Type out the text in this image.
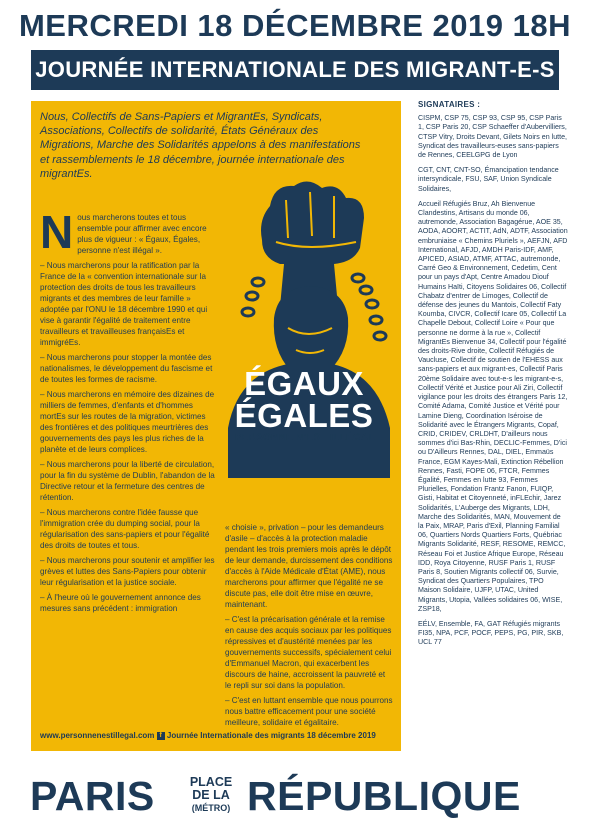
MERCREDI 18 DÉCEMBRE 2019 18H
JOURNÉE INTERNATIONALE DES MIGRANT-E-S
Nous, Collectifs de Sans-Papiers et MigrantEs, Syndicats, Associations, Collectifs de solidarité, États Généraux des Migrations, Marche des Solidarités appelons à des manifestations et rassemblements le 18 décembre, journée internationale des migrantEs.

Nous marcherons toutes et tous ensemble pour affirmer avec encore plus de vigueur : « Égaux, Égales, personne n'est illégal ».

– Nous marcherons pour la ratification par la France de la « convention internationale sur la protection des droits de tous les travailleurs migrants et des membres de leur famille » adoptée par l'ONU le 18 décembre 1990 et qui vise à garantir l'égalité de traitement entre travailleurs et travailleuses françaisEs et immigréEs.

– Nous marcherons pour stopper la montée des nationalismes, le développement du fascisme et de toutes les formes de racisme.

– Nous marcherons en mémoire des dizaines de milliers de femmes, d'enfants et d'hommes mortEs sur les routes de la migration, victimes des frontières et des politiques meurtrières des gouvernements des pays les plus riches de la planète et de leurs complices.

– Nous marcherons pour la liberté de circulation, pour la fin du système de Dublin, l'abandon de la Directive retour et la fermeture des centres de rétention.

– Nous marcherons contre l'idée fausse que l'immigration crée du dumping social, pour la régularisation des sans-papiers et pour l'égalité des droits de toutes et tous.

– Nous marcherons pour soutenir et amplifier les grèves et luttes des Sans-Papiers pour obtenir leur régularisation et la justice sociale.

– À l'heure où le gouvernement annonce des mesures sans précédent : immigration

ÉGAUX
ÉGALES
PERSONNE N'EST ILLÉGAL

« choisie », privation – pour les demandeurs d'asile – d'accès à la protection maladie pendant les trois premiers mois après le dépôt de leur demande, durcissement des conditions d'accès à l'Aide Médicale d'État (AME), nous marcherons pour affirmer que l'égalité ne se discute pas, elle doit être mise en œuvre, maintenant.

– C'est la précarisation générale et la remise en cause des acquis sociaux par les politiques répressives et d'austérité menées par les gouvernements successifs, spécialement celui d'Emmanuel Macron, qui exacerbent les discours de haine, accroissent la pauvreté et le repli sur soi dans la population.

– C'est en luttant ensemble que nous pourrons nous battre efficacement pour une société meilleure, solidaire et égalitaire.

www.personnenestillegal.com f Journée Internationale des migrants 18 décembre 2019
SIGNATAIRES :

CISPM, CSP 75, CSP 93, CSP 95, CSP Paris 1, CSP Paris 20, CSP Schaeffer d'Aubervilliers, CTSP Vitry, Droits Devant, Gilets Noirs en lutte, Syndicat des travailleurs-euses sans-papiers de Rennes, CEELGPG de Lyon

CGT, CNT, CNT-SO, Émancipation tendance intersyndicale, FSU, SAF, Union Syndicale Solidaires,

Accueil Réfugiés Bruz, Ah Bienvenue Clandestins, Artisans du monde 06, autremonde, Association Bagagérue, AOE 35, AODA, AOORT, ACTIT, AdN, ADTF, Association embruniaise « Chemins Pluriels », AEFJN, AFD International, AFJD, AMDH Paris-IDF, AMF, APICED, ASIAD, ATMF, ATTAC, autremonde, Carré Geo & Environnement, Cedetim, Cent pour un pays d'Apt, Centre Amadou Diouf Humains Haïti, Citoyens Solidaires 06, Collectif Chabatz d'entrer de Limoges, Collectif de défense des jeunes du Mantois, Collectif Faty Koumba, CIVCR, Collectif Icare 05, Collectif La Chapelle Debout, Collectif Loire « Pour que personne ne dorme à la rue », Collectif MigrantEs Bienvenue 34, Collectif pour l'égalité des droits-Rive droite, Collectif Réfugiés de Vaucluse, Collectif de soutien de l'EHESS aux sans-papiers et aux migrant-es, Collectif Paris 20ème Solidaire avec tout-e-s les migrant-e-s, Collectif Vérité et Justice pour Ali Ziri, Collectif vigilance pour les droits des étrangers Paris 12, Comité Adama, Comité Justice et Vérité pour Lamine Dieng, Coordination Iséroise de Solidarité avec le Étrangers Migrants, Copaf, CRID, CRIDEV, CRLDHT, D'ailleurs nous sommes d'ici Bas-Rhin, DECLIC-Femmes, D'ici ou D'Ailleurs Rennes, DAL, DIEL, Emmaüs France, EGM Kayes-Mali, Extinction Rébellion Rennes, Fasti, FOPE 06, FTCR, Femmes Égalité, Femmes en lutte 93, Femmes Plurielles, Fondation Frantz Fanon, FUIQP, Gisti, Habitat et Citoyenneté, inFLEchir, Jarez Solidarités, L'Auberge des Migrants, LDH, Marche des Solidarités, MAN, Mouvement de la Paix, MRAP, Paris d'Exil, Planning Familial 06, Quartiers Nords Quartiers Forts, Québriac Migrants Solidarité, RESF, RESOME, REMCC, Réseau Foi et Justice Afrique Europe, Réseau IDD, Roya Citoyenne, RUSF Paris 1, RUSF Paris 8, Soutien Migrants collectif 06, Survie, Syndicat des Quartiers Populaires, TPO Maison Solidaire, UJFP, UTAC, United Migrants, Utopia, Vallées solidaires 06, WISE, ZSP18,

EÉLV, Ensemble, FA, GAT Réfugiés migrants FI35, NPA, PCF, POCF, PEPS, PG, PIR, SKB, UCL 77

PARIS	PLACE
DE LA
(MÉTRO) RÉPUBLIQUE
